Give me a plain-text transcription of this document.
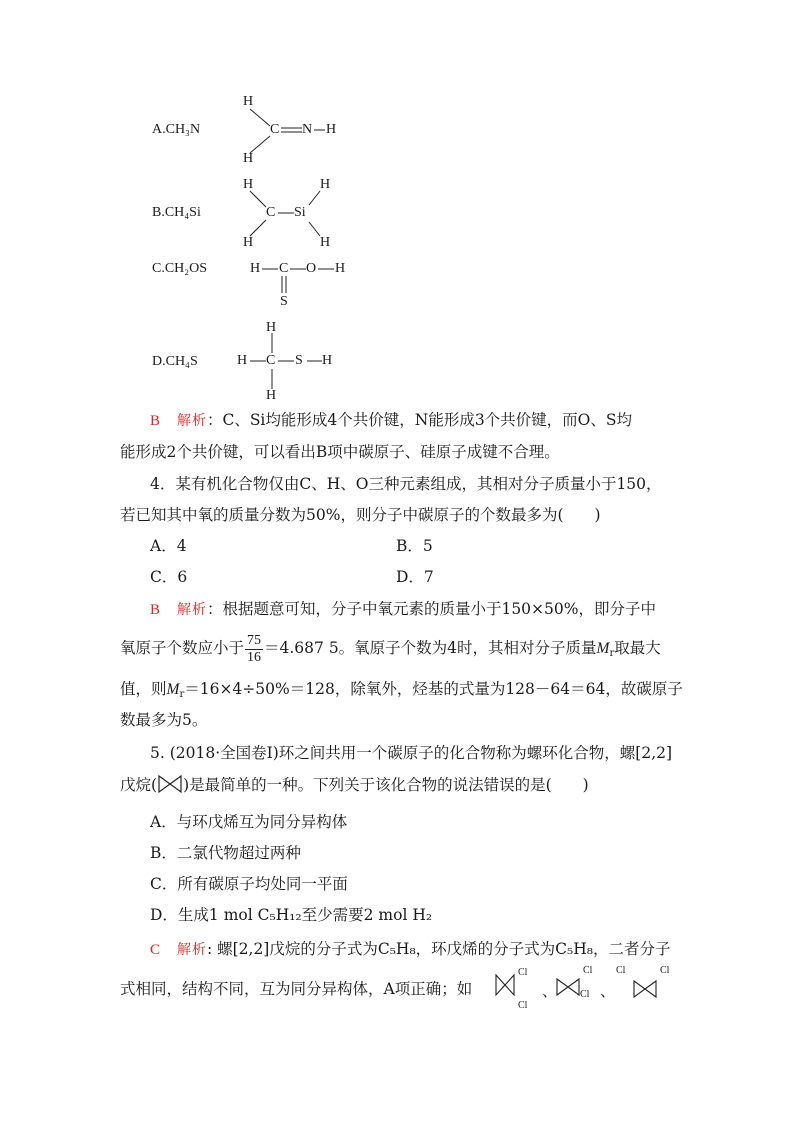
A.CH₃N
H
C N H
H
B.CH₄Si
H
C Si
H
H	H
C.CH₂OS	H C O H
S
D.CH₄S	H C S H
H
H
B 解析：C、Si均能形成4个共价键，N能形成3个共价键，而O、S均
能形成2个共价键，可以看出B项中碳原子、硅原子成键不合理。
4．某有机化合物仅由C、H、O三种元素组成，其相对分子质量小于150，
若已知其中氧的质量分数为50%，则分子中碳原子的个数最多为(　　)
A．4	B．5
C．6	D．7
B 解析：根据题意可知，分子中氧元素的质量小于150×50%，即分子中
氧原子个数应小于 $\frac{75}{16} =4.687$ 5。氧原子个数为4时，其相对分子质量$M_r$取最大
值，则$M_r=16\times 4\div 50\%=128$，除氧外，烃基的式量为128－64＝64，故碳原子
数最多为5。
5. (2018·全国卷Ⅰ)环之间共用一个碳原子的化合物称为螺环化合物，螺[2,2]
戊烷( )是最简单的一种。下列关于该化合物的说法错误的是(　　)
A．与环戊烯互为同分异构体
B．二氯代物超过两种
C．所有碳原子均处同一平面
D．生成1 mol C₅H₁₂至少需要2 mol H₂
C 解析: 螺[2,2]戊烷的分子式为C₅H₈，环戊烯的分子式为C₅H₈，二者分子
式相同，结构不同，互为同分异构体，A项正确；如
Cl
Cl
、
Cl
Cl 、
Cl	Cl
